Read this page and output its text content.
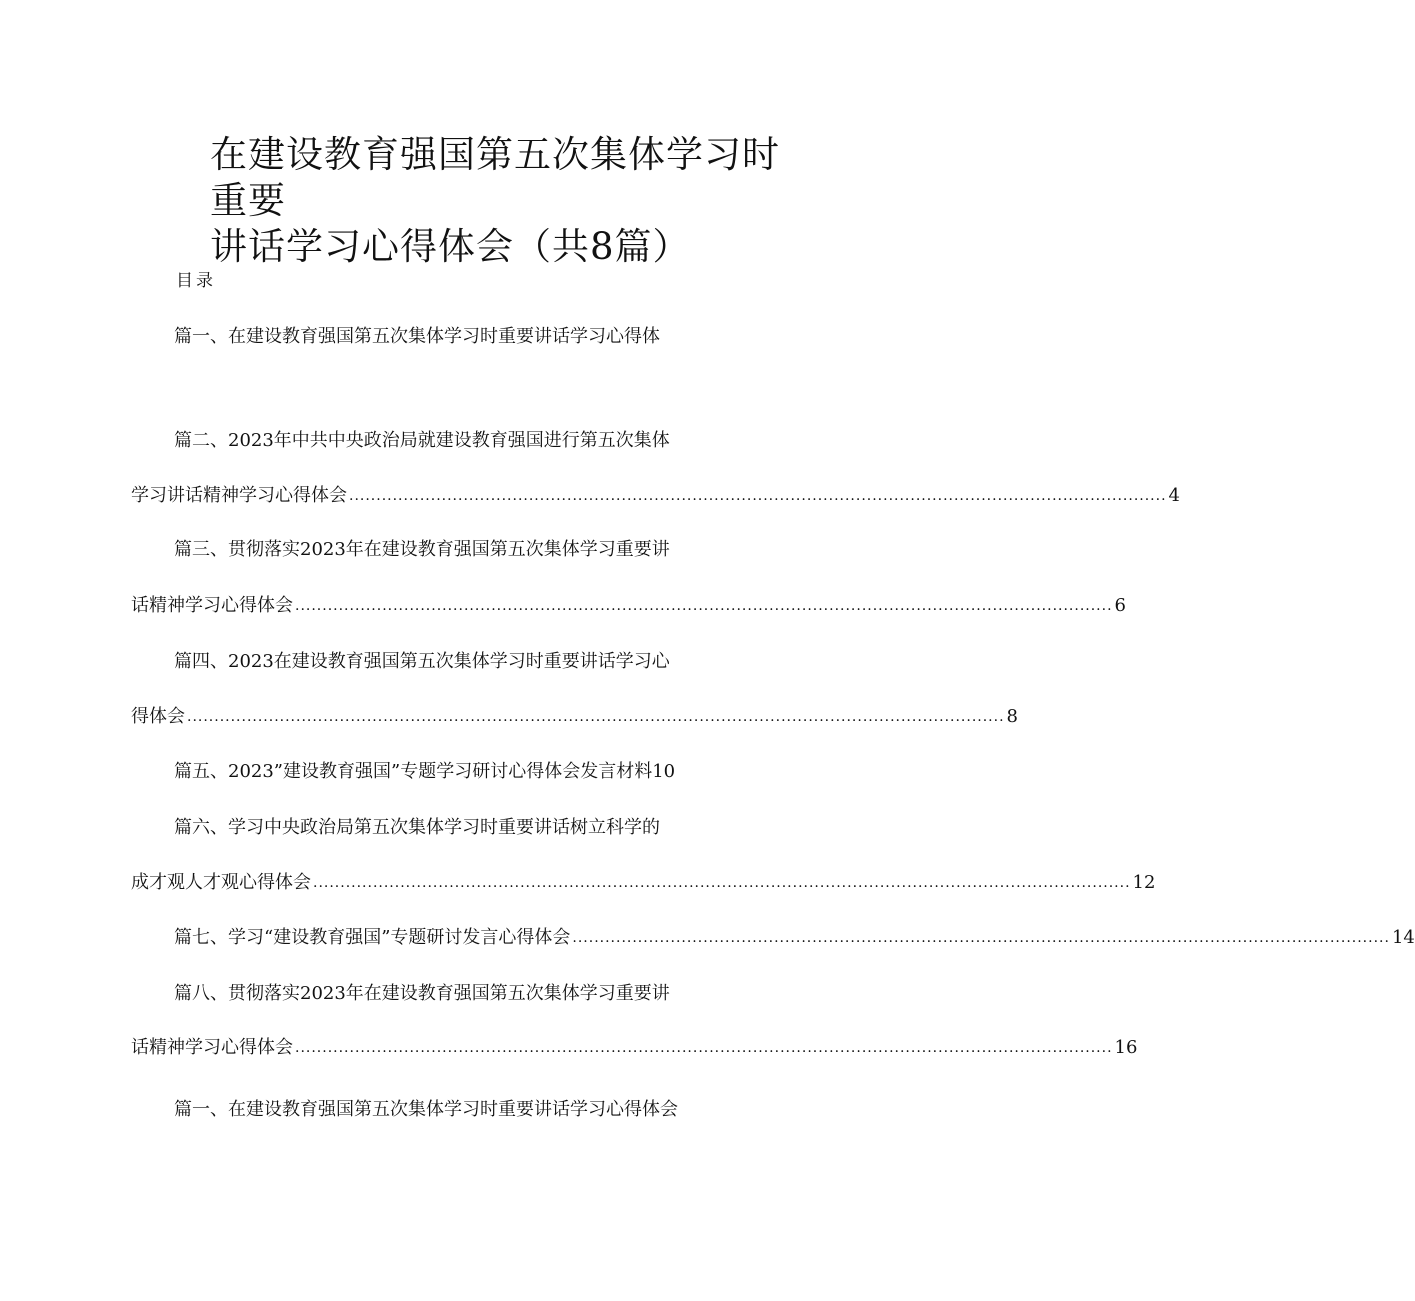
在建设教育强国第五次集体学习时重要
讲话学习心得体会（共8篇）
目录
篇一、在建设教育强国第五次集体学习时重要讲话学习心得体
篇二、2023年中共中央政治局就建设教育强国进行第五次集体
学习讲话精神学习心得体会 ...................................................................................................................................................... 4
篇三、贯彻落实2023年在建设教育强国第五次集体学习重要讲
话精神学习心得体会 ...................................................................................................................................................... 6
篇四、2023在建设教育强国第五次集体学习时重要讲话学习心
得体会 ...................................................................................................................................................... 8
篇五、2023”建设教育强国”专题学习研讨心得体会发言材料10
篇六、学习中央政治局第五次集体学习时重要讲话树立科学的
成才观人才观心得体会 ...................................................................................................................................................... 12
篇七、学习“建设教育强国”专题研讨发言心得体会 ...................................................................................................................................................... 14
篇八、贯彻落实2023年在建设教育强国第五次集体学习重要讲
话精神学习心得体会 ...................................................................................................................................................... 16
篇一、在建设教育强国第五次集体学习时重要讲话学习心得体会
